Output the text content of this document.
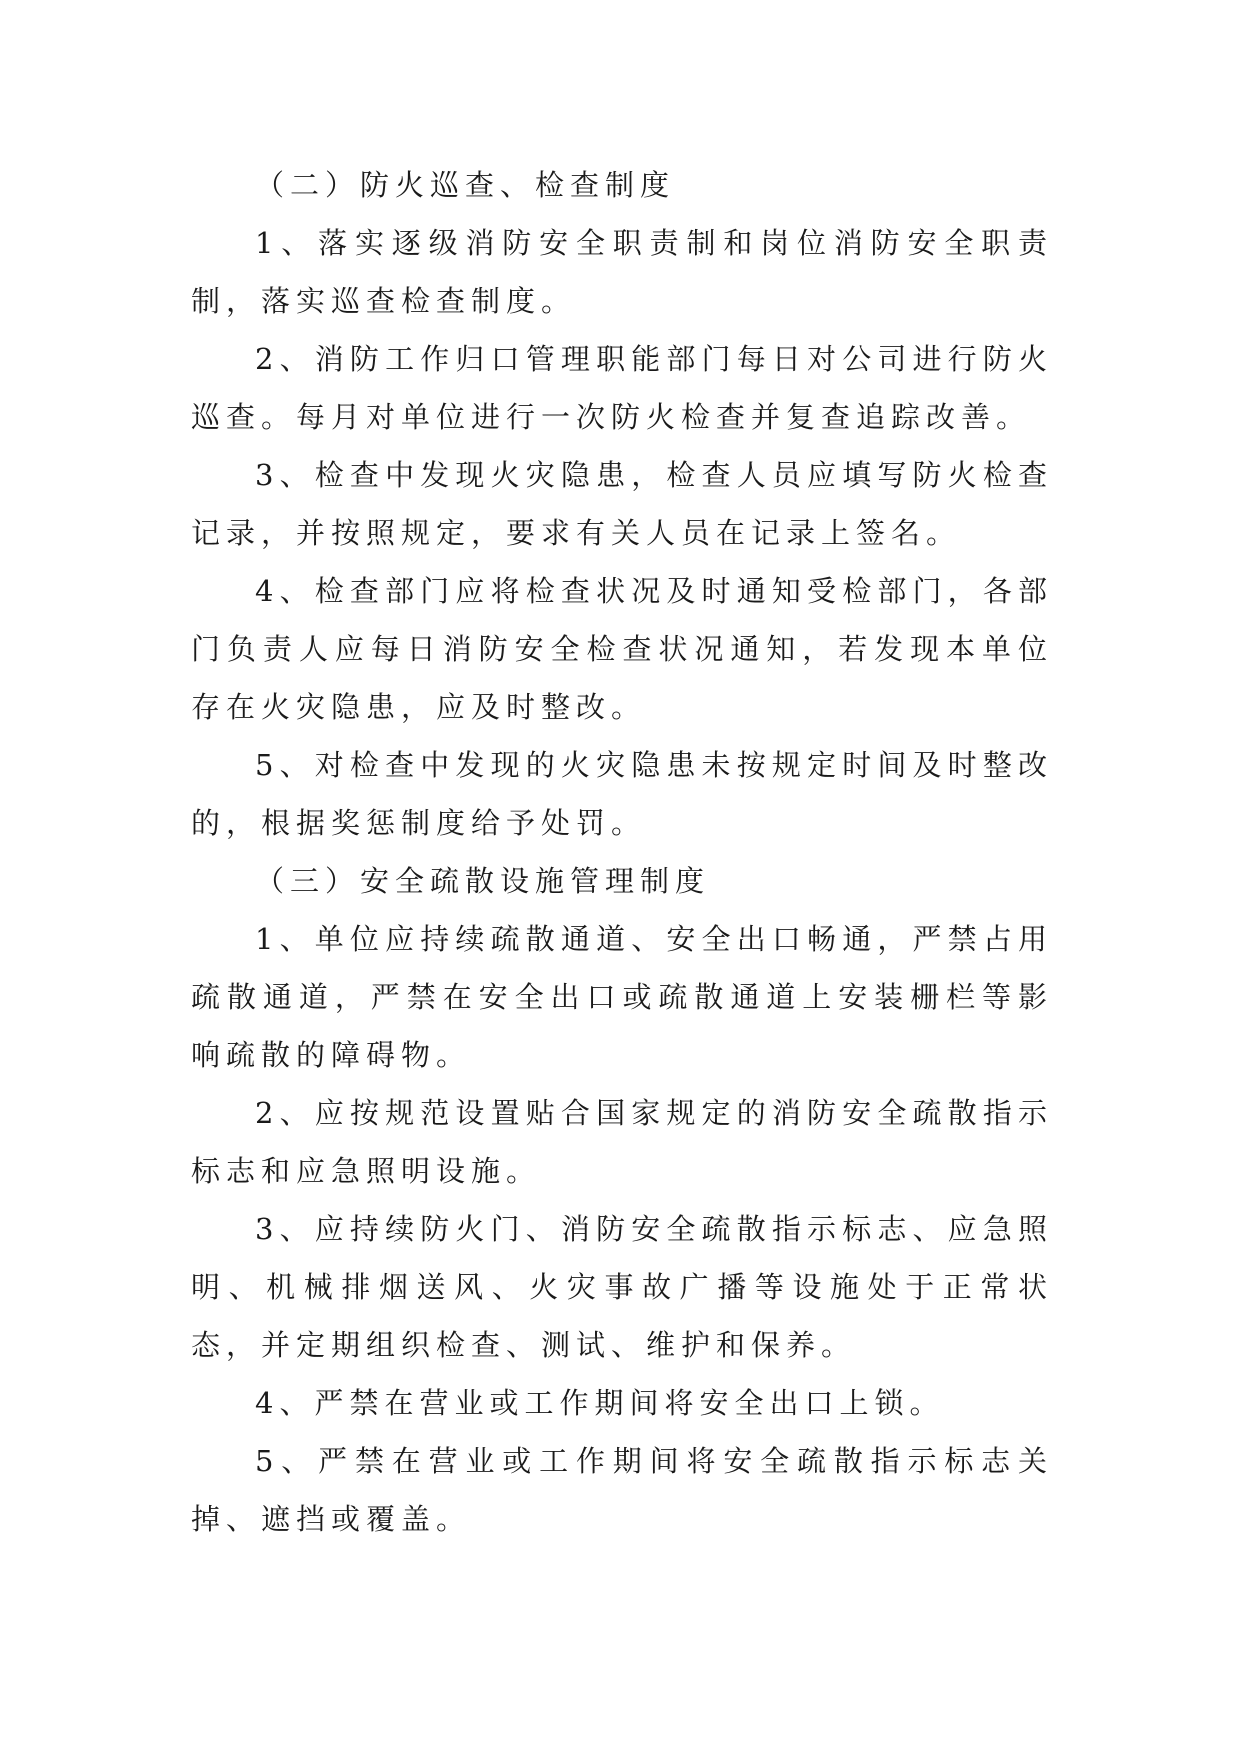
（二）防火巡查、检查制度

1、落实逐级消防安全职责制和岗位消防安全职责制，落实巡查检查制度。

2、消防工作归口管理职能部门每日对公司进行防火巡查。每月对单位进行一次防火检查并复查追踪改善。

3、检查中发现火灾隐患，检查人员应填写防火检查记录，并按照规定，要求有关人员在记录上签名。

4、检查部门应将检查状况及时通知受检部门，各部门负责人应每日消防安全检查状况通知，若发现本单位存在火灾隐患，应及时整改。

5、对检查中发现的火灾隐患未按规定时间及时整改的，根据奖惩制度给予处罚。

（三）安全疏散设施管理制度

1、单位应持续疏散通道、安全出口畅通，严禁占用疏散通道，严禁在安全出口或疏散通道上安装栅栏等影响疏散的障碍物。

2、应按规范设置贴合国家规定的消防安全疏散指示标志和应急照明设施。

3、应持续防火门、消防安全疏散指示标志、应急照明、机械排烟送风、火灾事故广播等设施处于正常状态，并定期组织检查、测试、维护和保养。

4、严禁在营业或工作期间将安全出口上锁。

5、严禁在营业或工作期间将安全疏散指示标志关掉、遮挡或覆盖。
